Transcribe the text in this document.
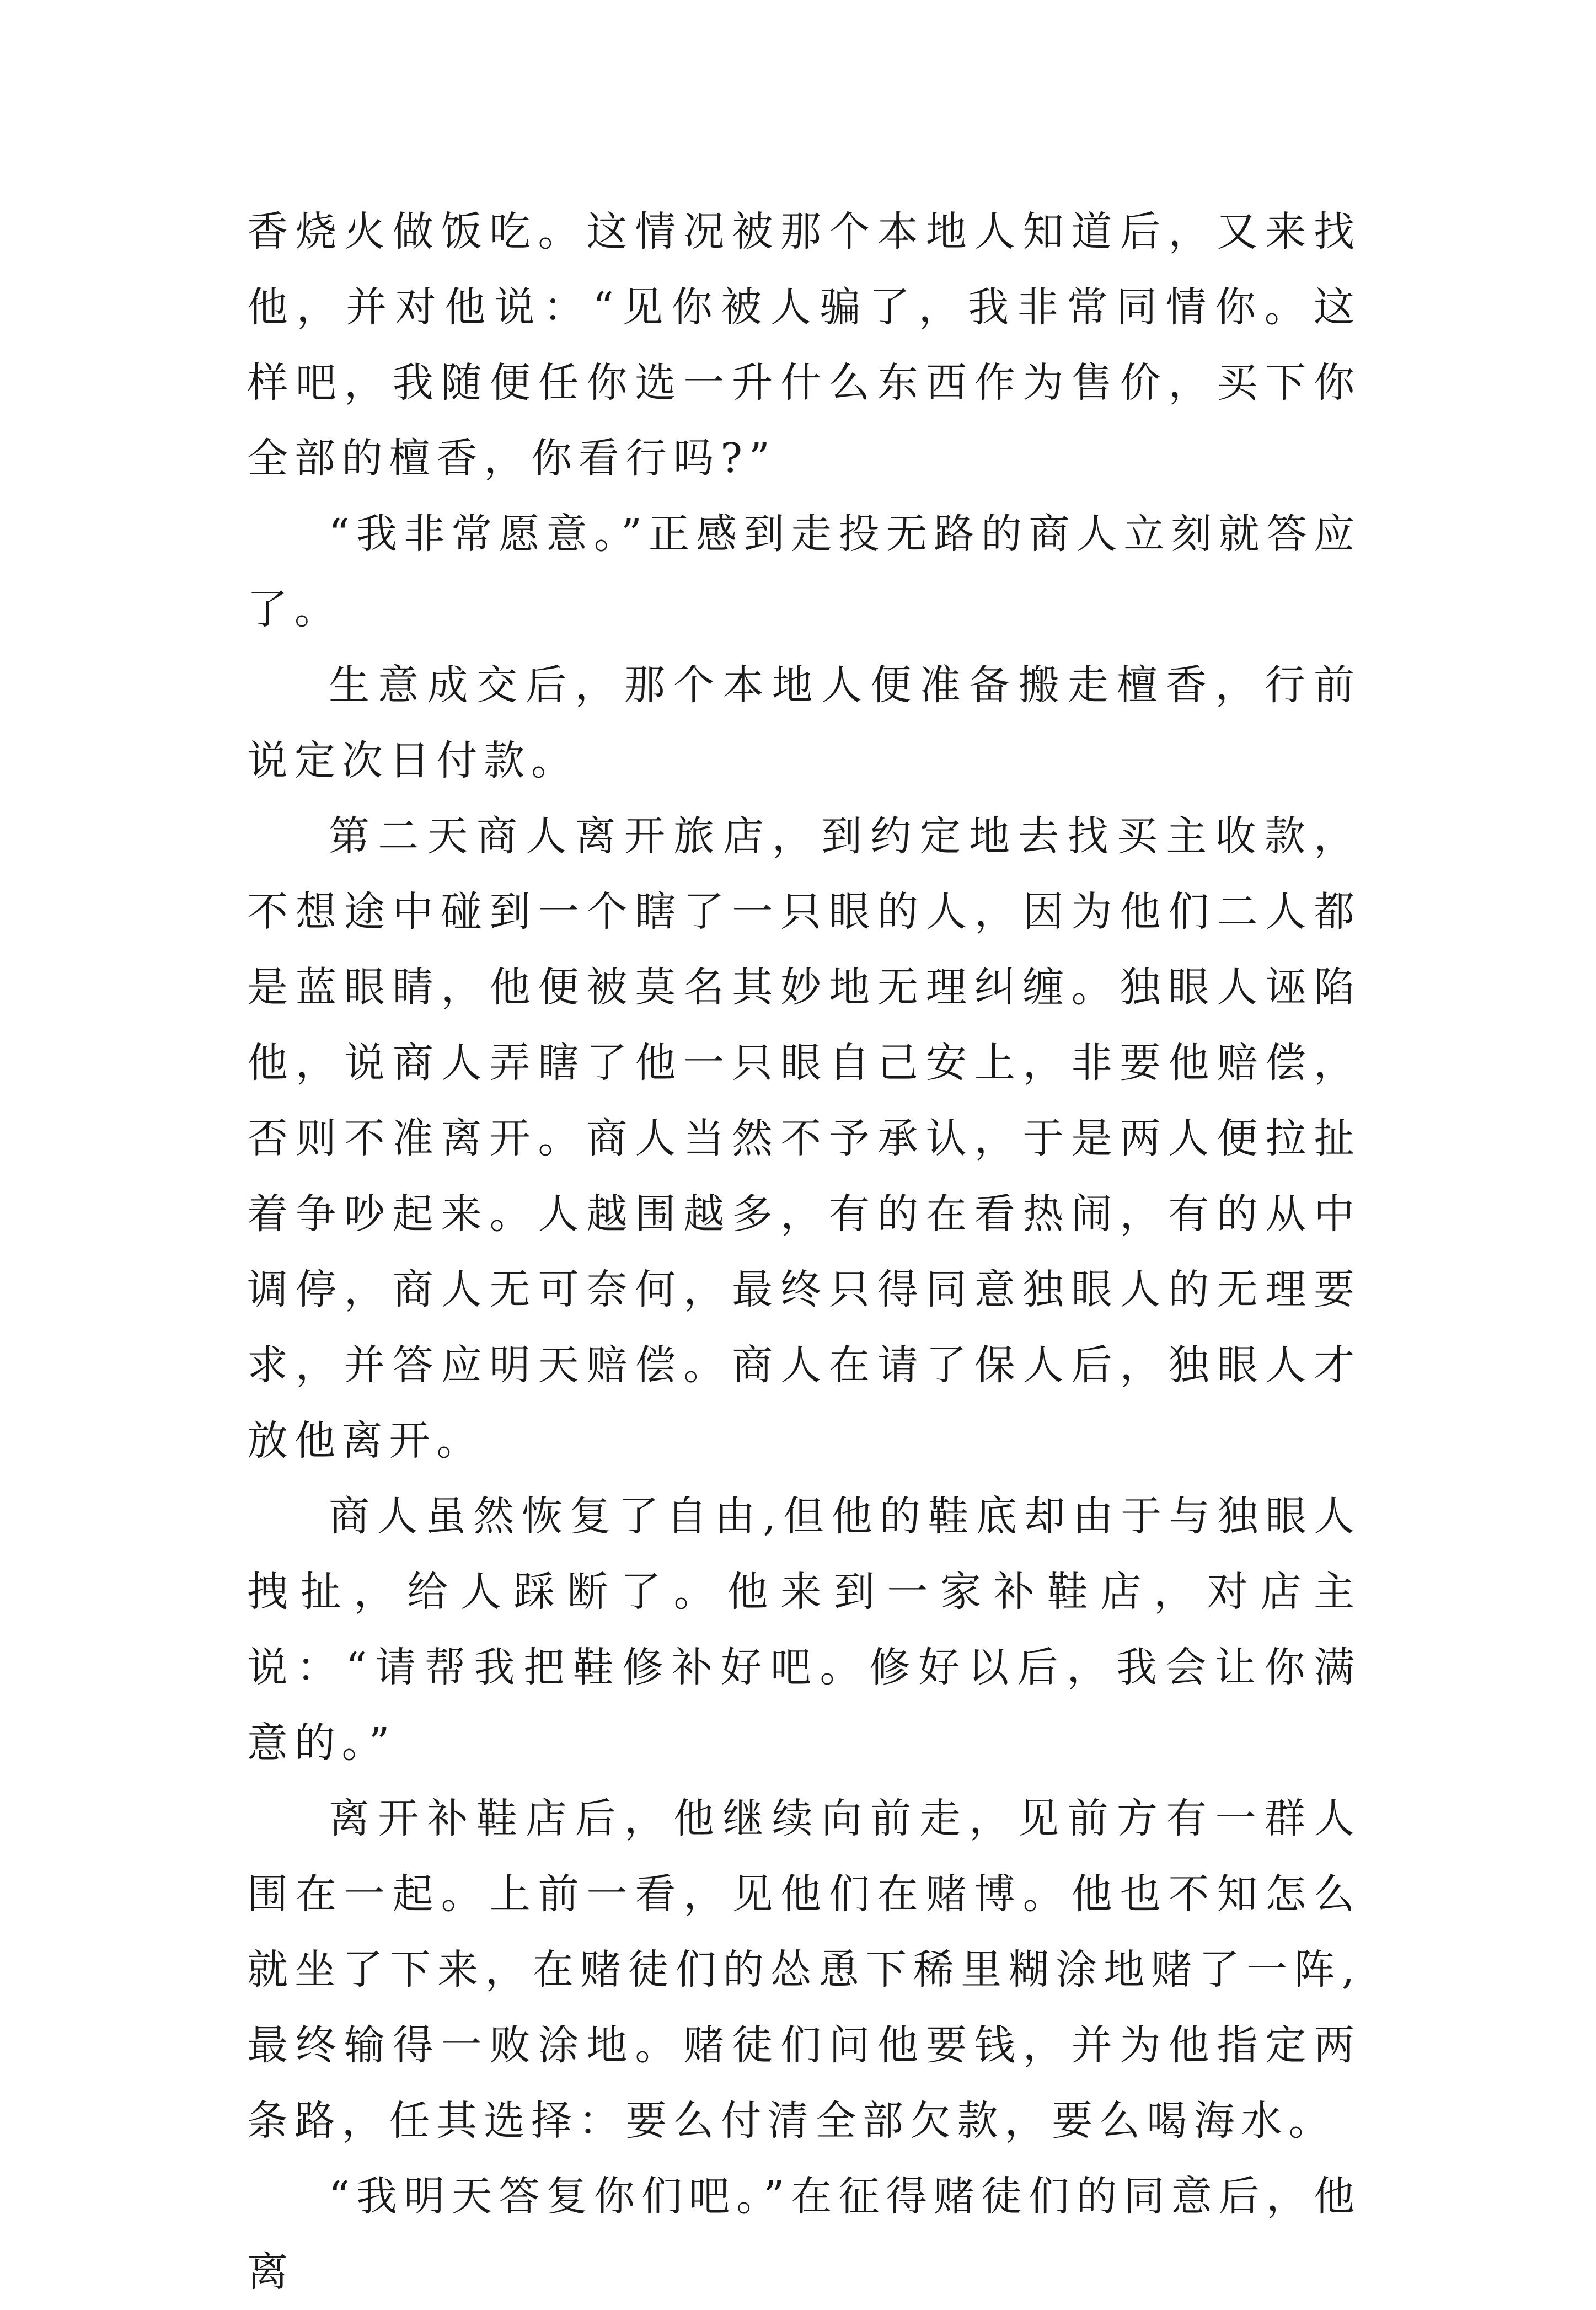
香烧火做饭吃。这情况被那个本地人知道后，又来找他，并对他说：“见你被人骗了，我非常同情你。这样吧，我随便任你选一升什么东西作为售价，买下你全部的檀香，你看行吗?”

“我非常愿意。”正感到走投无路的商人立刻就答应了。

生意成交后，那个本地人便准备搬走檀香，行前说定次日付款。

第二天商人离开旅店，到约定地去找买主收款，不想途中碰到一个瞎了一只眼的人，因为他们二人都是蓝眼睛，他便被莫名其妙地无理纠缠。独眼人诬陷他，说商人弄瞎了他一只眼自己安上，非要他赔偿，否则不准离开。商人当然不予承认，于是两人便拉扯着争吵起来。人越围越多，有的在看热闹，有的从中调停，商人无可奈何，最终只得同意独眼人的无理要求，并答应明天赔偿。商人在请了保人后，独眼人才放他离开。

商人虽然恢复了自由,但他的鞋底却由于与独眼人拽扯，给人踩断了。他来到一家补鞋店，对店主说：“请帮我把鞋修补好吧。修好以后，我会让你满意的。”

离开补鞋店后，他继续向前走，见前方有一群人围在一起。上前一看，见他们在赌博。他也不知怎么就坐了下来，在赌徒们的怂恿下稀里糊涂地赌了一阵,最终输得一败涂地。赌徒们问他要钱，并为他指定两条路，任其选择：要么付清全部欠款，要么喝海水。

“我明天答复你们吧。”在征得赌徒们的同意后，他离
